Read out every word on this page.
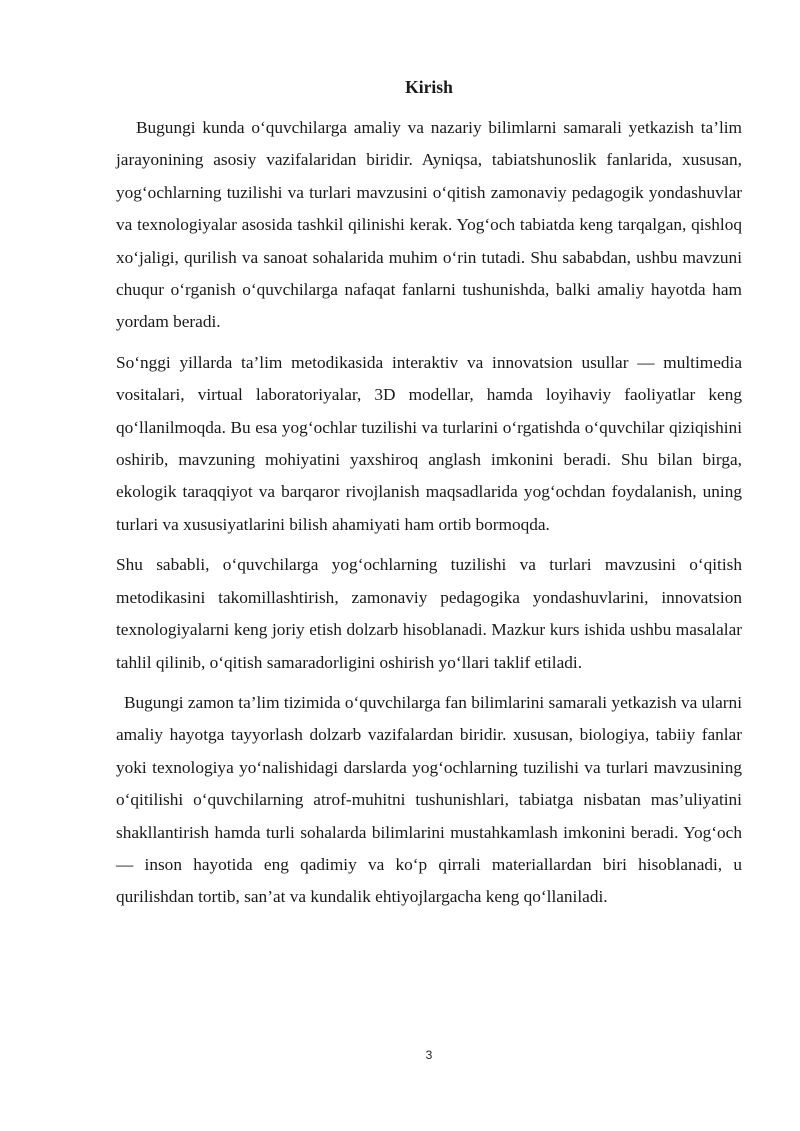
Kirish

Bugungi kunda o‘quvchilarga amaliy va nazariy bilimlarni samarali yetkazish ta’lim jarayonining asosiy vazifalaridan biridir. Ayniqsa, tabiatshunoslik fanlarida, xususan, yog‘ochlarning tuzilishi va turlari mavzusini o‘qitish zamonaviy pedagogik yondashuvlar va texnologiyalar asosida tashkil qilinishi kerak. Yog‘och tabiatda keng tarqalgan, qishloq xo‘jaligi, qurilish va sanoat sohalarida muhim o‘rin tutadi. Shu sababdan, ushbu mavzuni chuqur o‘rganish o‘quvchilarga nafaqat fanlarni tushunishda, balki amaliy hayotda ham yordam beradi.

So‘nggi yillarda ta’lim metodikasida interaktiv va innovatsion usullar — multimedia vositalari, virtual laboratoriyalar, 3D modellar, hamda loyihaviy faoliyatlar keng qo‘llanilmoqda. Bu esa yog‘ochlar tuzilishi va turlarini o‘rgatishda o‘quvchilar qiziqishini oshirib, mavzuning mohiyatini yaxshiroq anglash imkonini beradi. Shu bilan birga, ekologik taraqqiyot va barqaror rivojlanish maqsadlarida yog‘ochdan foydalanish, uning turlari va xususiyatlarini bilish ahamiyati ham ortib bormoqda.

Shu sababli, o‘quvchilarga yog‘ochlarning tuzilishi va turlari mavzusini o‘qitish metodikasini takomillashtirish, zamonaviy pedagogika yondashuvlarini, innovatsion texnologiyalarni keng joriy etish dolzarb hisoblanadi. Mazkur kurs ishida ushbu masalalar tahlil qilinib, o‘qitish samaradorligini oshirish yo‘llari taklif etiladi.

Bugungi zamon ta’lim tizimida o‘quvchilarga fan bilimlarini samarali yetkazish va ularni amaliy hayotga tayyorlash dolzarb vazifalardan biridir. xususan, biologiya, tabiiy fanlar yoki texnologiya yo‘nalishidagi darslarda yog‘ochlarning tuzilishi va turlari mavzusining o‘qitilishi o‘quvchilarning atrof-muhitni tushunishlari, tabiatga nisbatan mas’uliyatini shakllantirish hamda turli sohalarda bilimlarini mustahkamlash imkonini beradi. Yog‘och — inson hayotida eng qadimiy va ko‘p qirrali materiallardan biri hisoblanadi, u qurilishdan tortib, san’at va kundalik ehtiyojlargacha keng qo‘llaniladi.

3
